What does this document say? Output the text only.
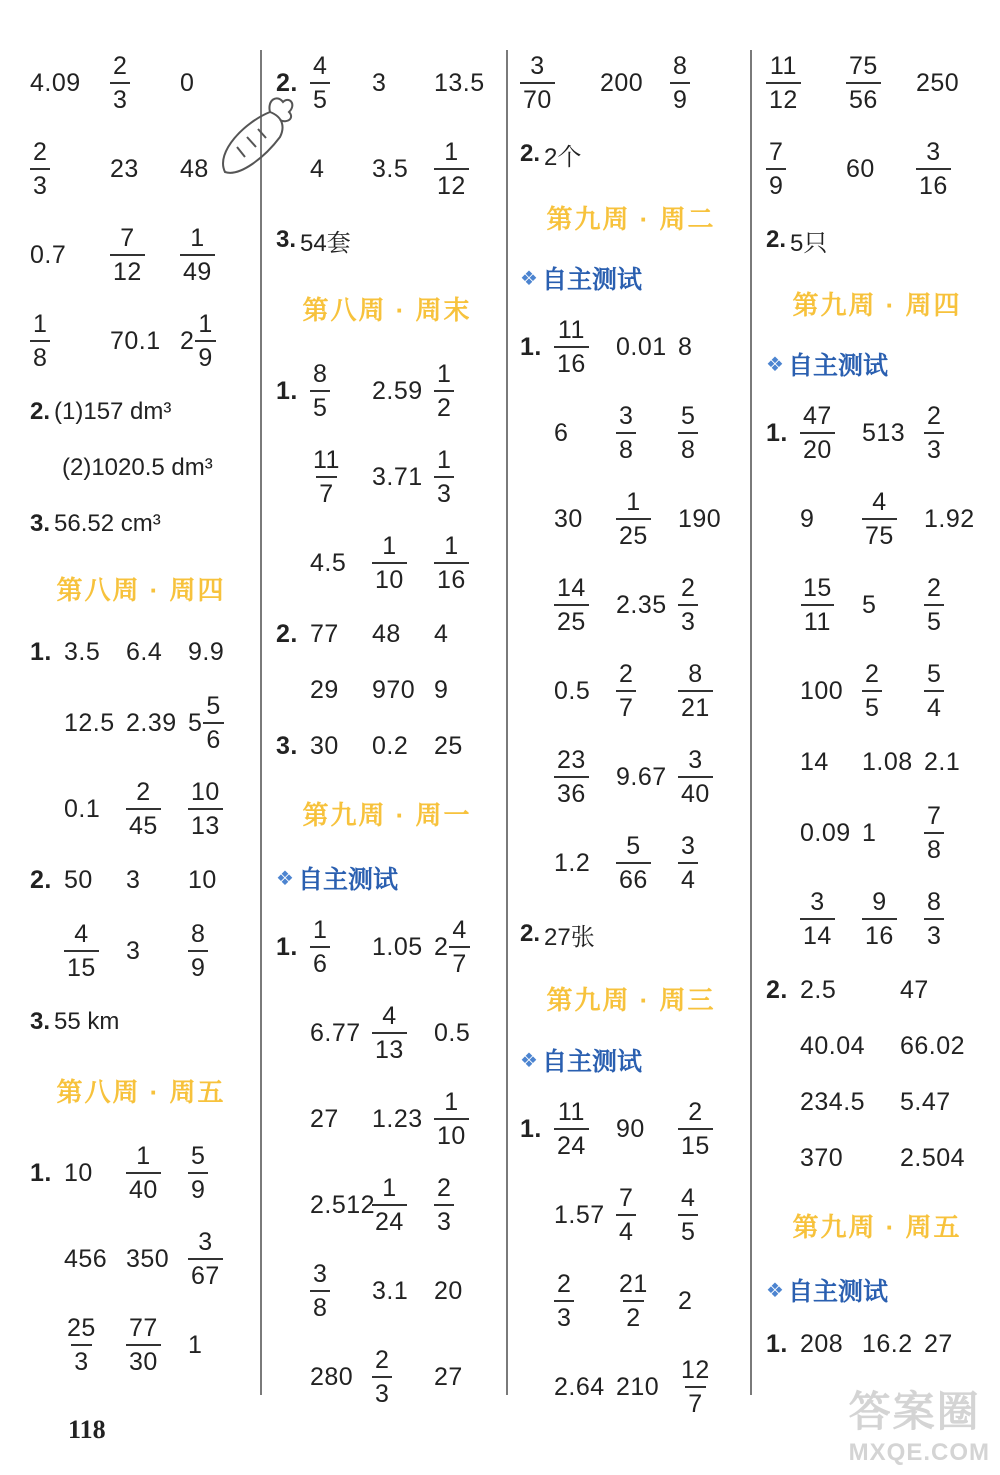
$4.09 \frac{2}{3} 0$
$\frac{2}{3} 23$ 48
$0.7 \frac{7}{12} \frac{1}{49}$
$\frac{1}{8} 70.1$ $2 \frac{1}{9}$
2. (1)157 dm³
(2)1020.5 dm³
3. 56.52 cm³
第八周 · 周四
1. 3.5 6.4 9.9
12.5 2.39 $5 \frac{5}{6}$
$0.1 \frac{2}{45} \frac{10}{13}$
2. 50 3 10
$\frac{4}{15} 3 \frac{8}{9}$
3. 55 km
第八周 · 周五
1. $10 \frac{1}{40} \frac{5}{9}$
456 $350 \frac{3}{67}$
$\frac{25}{3} \frac{77}{30} 1$
2. $\frac{4}{5} 3$ 13.5
4 $3.5 \frac{1}{12}$
3. 54套
第八周 · 周末
1. $\frac{8}{5} 2.59 \frac{1}{2}$
$\frac{11}{7} 3.71 \frac{1}{3}$
$4.5 \frac{1}{10} \frac{1}{16}$
2. 77 48 4
29 970 9
3. 30 0.2 25
第九周 · 周一
❖ 自主测试
1. $\frac{1}{6} 1.05$ $2 \frac{4}{7}$
$6.77 \frac{4}{13} 0.5$
27 $1.23 \frac{1}{10}$
2.512
$\frac{1}{24} \frac{2}{3}$
$\frac{3}{8} 3.1$ 20
$280 \frac{2}{3} 27$
$\frac{3}{70} 200 \frac{8}{9}$
2. 2个
第九周 · 周二
❖ 自主测试
1. $\frac{11}{16} 0.01$ 8
$6 \frac{3}{8} \frac{5}{8}$
$30 \frac{1}{25} 190$
$\frac{14}{25} 2.35 \frac{2}{3}$
$0.5 \frac{2}{7} \frac{8}{21}$
$\frac{23}{36} 9.67 \frac{3}{40}$
$1.2 \frac{5}{66} \frac{3}{4}$
2. 27张
第九周 · 周三
❖ 自主测试
1. $\frac{11}{24} 90 \frac{2}{15}$
$1.57 \frac{7}{4} \frac{4}{5}$
$\frac{2}{3} \frac{21}{2} 2$
2.64 $210 \frac{12}{7}$
$\frac{11}{12} \frac{75}{56} 250$
$\frac{7}{9} 60 \frac{3}{16}$
2. 5只
第九周 · 周四
❖ 自主测试
1. $\frac{47}{20} 513 \frac{2}{3}$
$9 \frac{4}{75} 1.92$
$\frac{15}{11} 5 \frac{2}{5}$
$100 \frac{2}{5} \frac{5}{4}$
14 1.08 2.1
0.09 $1 \frac{7}{8}$
$\frac{3}{14} \frac{9}{16} \frac{8}{3}$
2. 2.5	47
40.04 66.02
234.5 5.47
370 2.504
第九周 · 周五
❖ 自主测试
1. 208 16.2 27
118	答案圈
MXQE.COM
